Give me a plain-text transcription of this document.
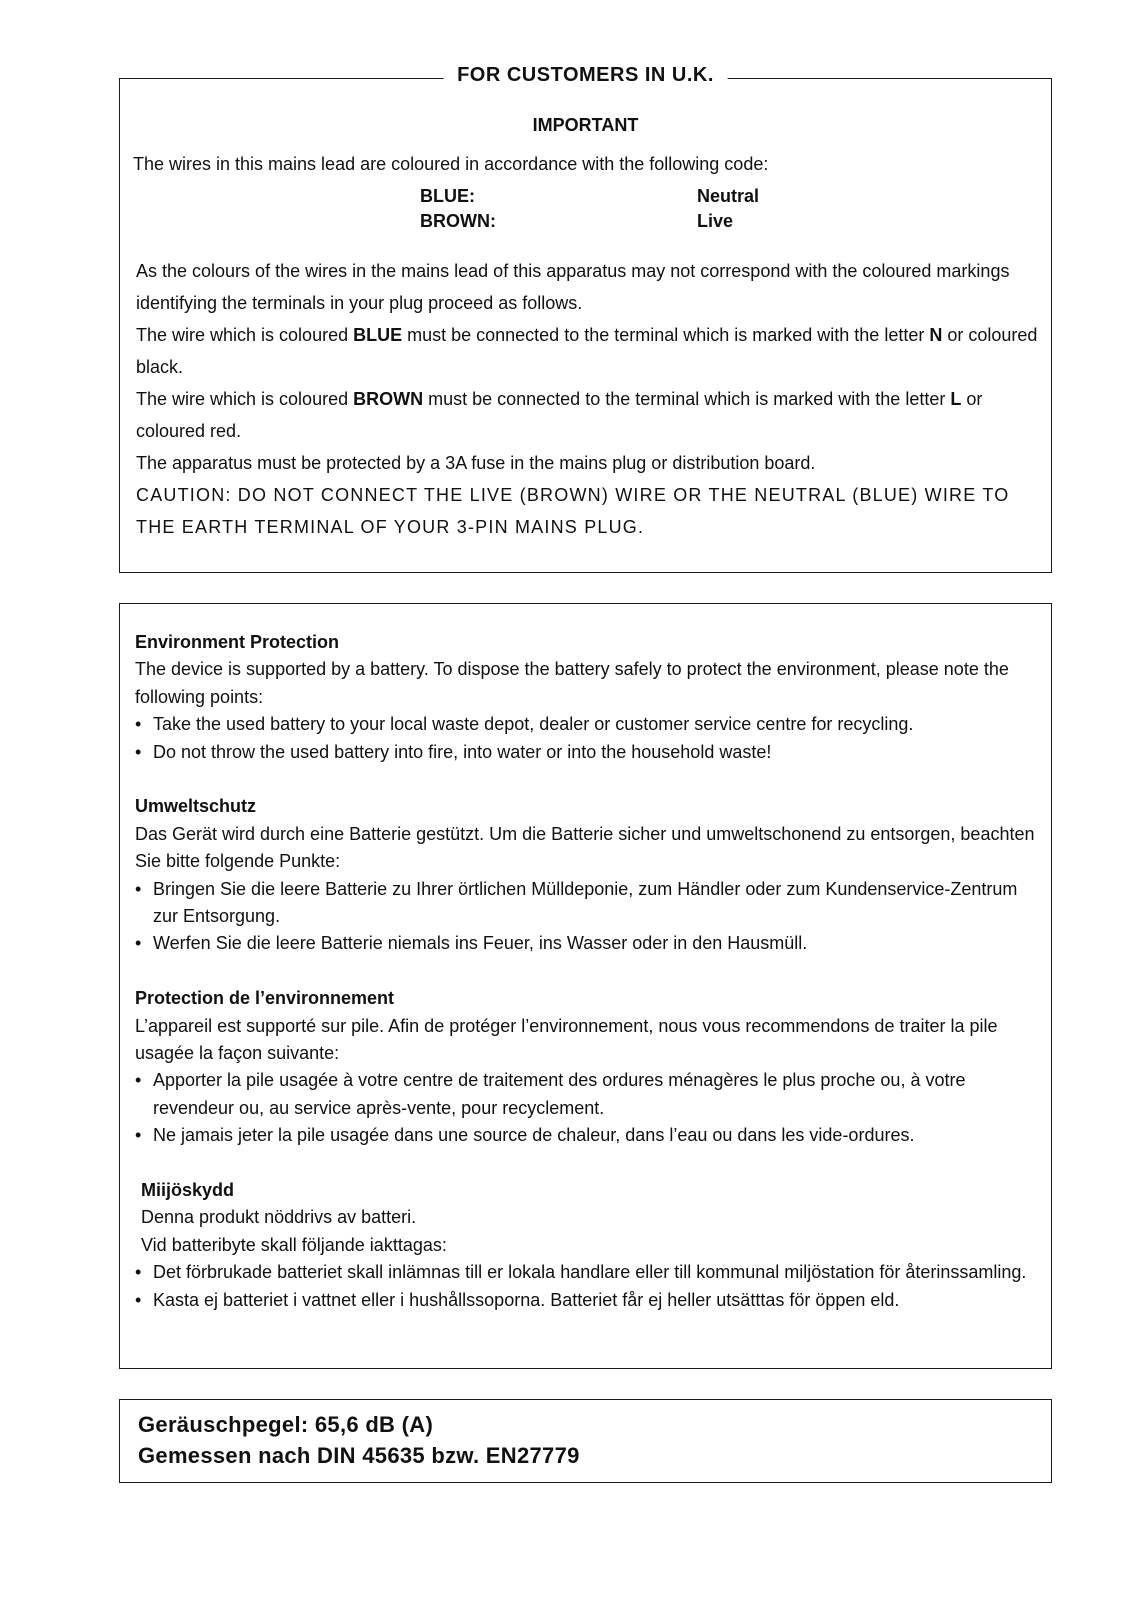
FOR CUSTOMERS IN U.K.
IMPORTANT
The wires in this mains lead are coloured in accordance with the following code:
BLUE:	Neutral
BROWN:	Live

As the colours of the wires in the mains lead of this apparatus may not correspond with the coloured markings identifying the terminals in your plug proceed as follows.

The wire which is coloured BLUE must be connected to the terminal which is marked with the letter N or coloured black.

The wire which is coloured BROWN must be connected to the terminal which is marked with the letter L or coloured red.

The apparatus must be protected by a 3A fuse in the mains plug or distribution board.

CAUTION: DO NOT CONNECT THE LIVE (BROWN) WIRE OR THE NEUTRAL (BLUE) WIRE TO THE EARTH TERMINAL OF YOUR 3-PIN MAINS PLUG.

Environment Protection

The device is supported by a battery. To dispose the battery safely to protect the environment, please note the following points:

• Take the used battery to your local waste depot, dealer or customer service centre for recycling.
• Do not throw the used battery into fire, into water or into the household waste!

Umweltschutz

Das Gerät wird durch eine Batterie gestützt. Um die Batterie sicher und umweltschonend zu entsorgen, beachten Sie bitte folgende Punkte:

• Bringen Sie die leere Batterie zu Ihrer örtlichen Mülldeponie, zum Händler oder zum Kundenservice-Zentrum zur Entsorgung.
• Werfen Sie die leere Batterie niemals ins Feuer, ins Wasser oder in den Hausmüll.

Protection de l’environnement

L’appareil est supporté sur pile. Afin de protéger l’environnement, nous vous recommendons de traiter la pile usagée la façon suivante:

• Apporter la pile usagée à votre centre de traitement des ordures ménagères le plus proche ou, à votre revendeur ou, au service après-vente, pour recyclement.
• Ne jamais jeter la pile usagée dans une source de chaleur, dans l’eau ou dans les vide-ordures.

Miijöskydd

Denna produkt nöddrivs av batteri.

Vid batteribyte skall följande iakttagas:

• Det förbrukade batteriet skall inlämnas till er lokala handlare eller till kommunal miljöstation för återinssamling.
• Kasta ej batteriet i vattnet eller i hushållssoporna. Batteriet får ej heller utsätttas för öppen eld.

Geräuschpegel: 65,6 dB (A)

Gemessen nach DIN 45635 bzw. EN27779
